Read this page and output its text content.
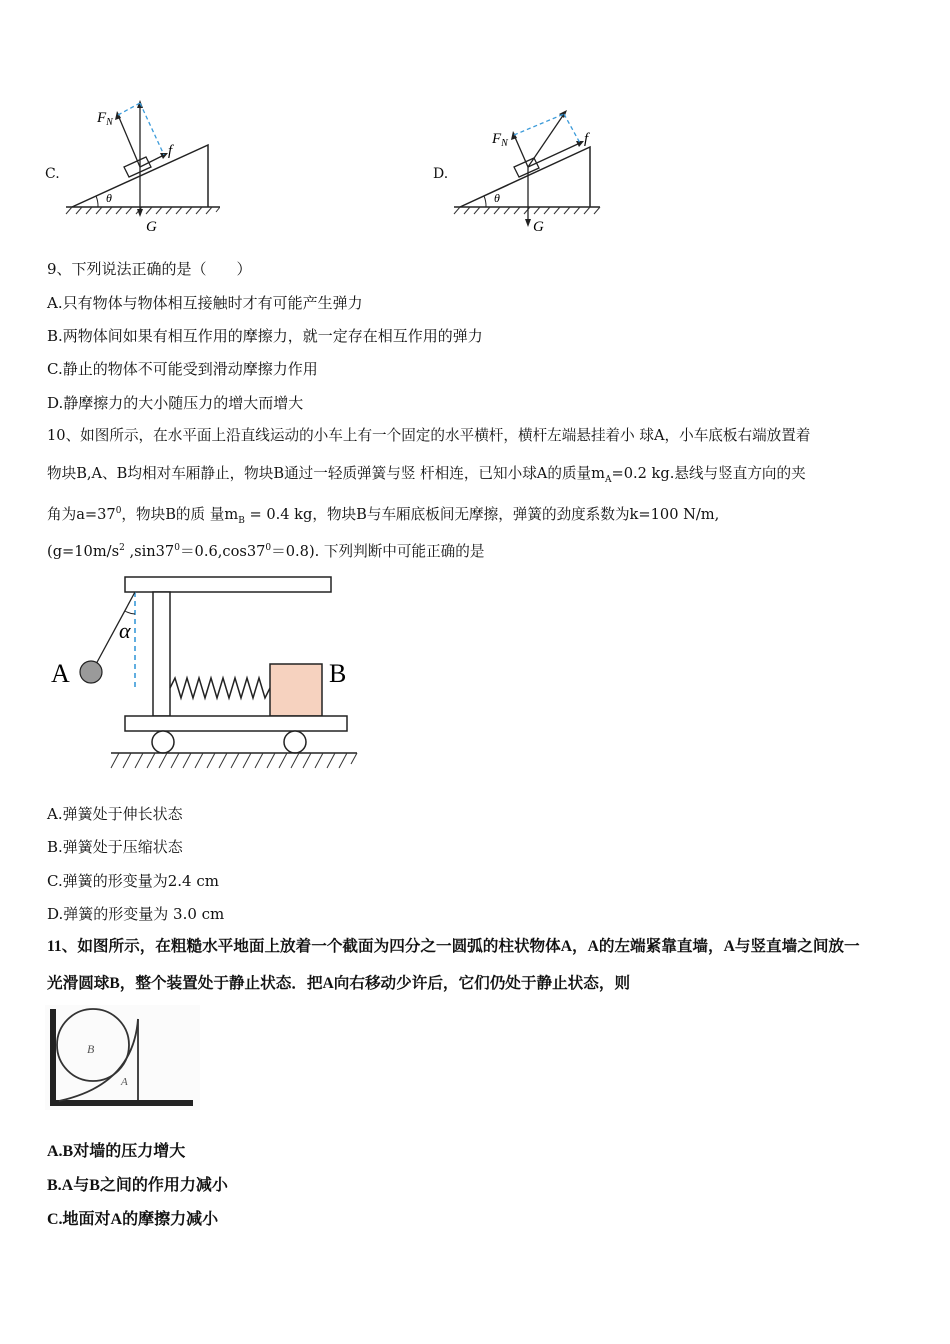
C.
θ
$F_N$
f
G
D.
θ
$F_N$	f
G
9、下列说法正确的是（　　）
A.只有物体与物体相互接触时才有可能产生弹力
B.两物体间如果有相互作用的摩擦力，就一定存在相互作用的弹力
C.静止的物体不可能受到滑动摩擦力作用
D.静摩擦力的大小随压力的增大而增大
10、如图所示，在水平面上沿直线运动的小车上有一个固定的水平横杆，横杆左端悬挂着小 球A，小车底板右端放置着
物块B,A、B均相对车厢静止，物块B通过一轻质弹簧与竖 杆相连，已知小球A的质量$m_A=0.2$ kg.悬线与竖直方向的夹
角为$a=37^0$，物块B的质 量$m_B = 0.4$ kg，物块B与车厢底板间无摩擦，弹簧的劲度系数为k=100 N/m,
($g=10m/s^2$ $,\sin 37^0=0.6,\cos 37^0=0.8$). 下列判断中可能正确的是
α
A	B
A.弹簧处于伸长状态
B.弹簧处于压缩状态
C.弹簧的形变量为2.4 cm
D.弹簧的形变量为 3.0 cm
11、如图所示，在粗糙水平地面上放着一个截面为四分之一圆弧的柱状物体A，A的左端紧靠直墙，A与竖直墙之间放一
光滑圆球B，整个装置处于静止状态．把A向右移动少许后，它们仍处于静止状态，则
B
A
A.B对墙的压力增大
B.A与B之间的作用力减小
C.地面对A的摩擦力减小
